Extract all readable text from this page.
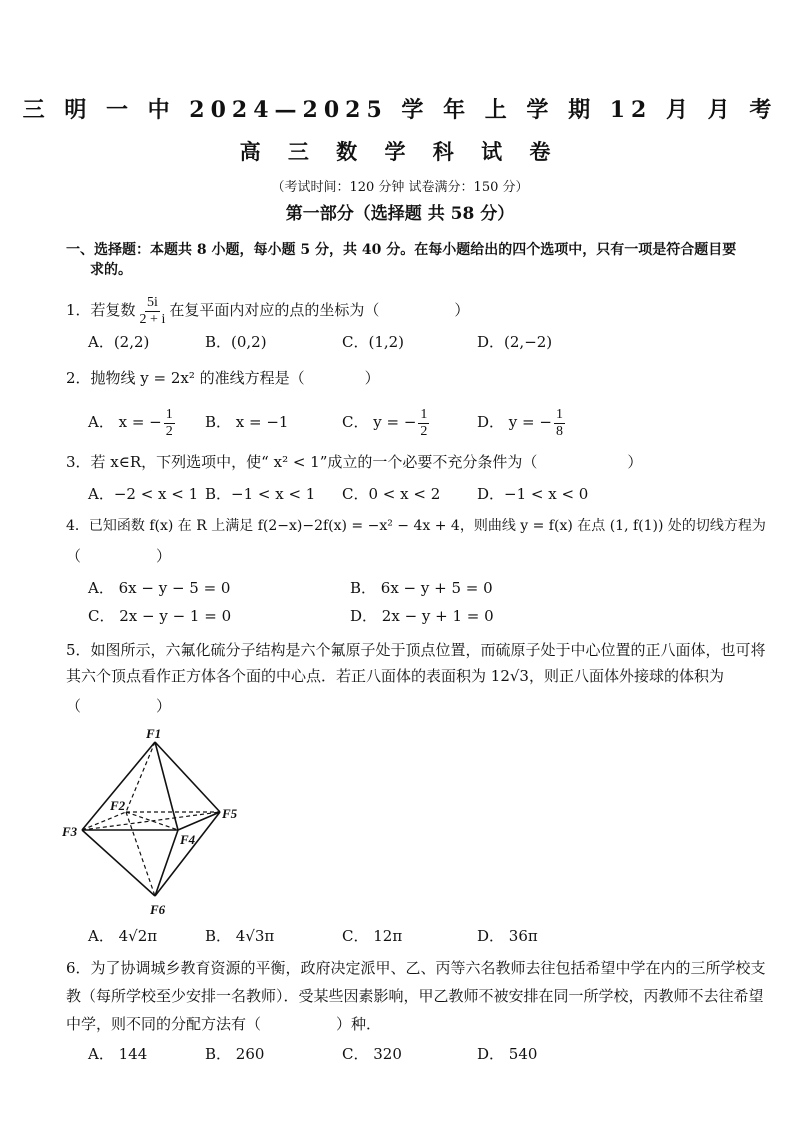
三 明 一 中 2024—2025 学 年 上 学 期 12 月 月 考
高 三 数 学 科 试 卷
（考试时间：120 分钟 试卷满分：150 分）
第一部分（选择题 共 58 分）
一、选择题：本题共 8 小题，每小题 5 分，共 40 分。在每小题给出的四个选项中，只有一项是符合题目要
求的。
1．若复数 $\frac{5i}{2 + i}$ 在复平面内对应的点的坐标为（　　　　　）
A．(2,2)	B．(0,2)	C．(1,2)	D．(2,−2)
2．抛物线 y = 2x² 的准线方程是（　　　　）
A． x = − $\frac{1}{2}$ B． x = −1	C． y = − $\frac{1}{2}$	D． y = − $\frac{1}{8}$
3．若 x∈R，下列选项中，使“ x² < 1”成立的一个必要不充分条件为（　　　　　　）
A．−2 < x < 1 B．−1 < x < 1 C．0 < x < 2 D．−1 < x < 0
4．已知函数 f(x) 在 R 上满足 f(2−x)−2f(x) = −x² − 4x + 4，则曲线 y = f(x) 在点 (1, f(1)) 处的切线方程为
（　　　　　）
A． 6x − y − 5 = 0	B． 6x − y + 5 = 0
C． 2x − y − 1 = 0	D． 2x − y + 1 = 0
5．如图所示，六氟化硫分子结构是六个氟原子处于顶点位置，而硫原子处于中心位置的正八面体，也可将
其六个顶点看作正方体各个面的中心点．若正八面体的表面积为 12√3，则正八面体外接球的体积为
（　　　　　）
F1
F2
F3
F4
F5
F6
A． 4√2π	B． 4√3π	C． 12π	D． 36π
6．为了协调城乡教育资源的平衡，政府决定派甲、乙、丙等六名教师去往包括希望中学在内的三所学校支
教（每所学校至少安排一名教师）．受某些因素影响，甲乙教师不被安排在同一所学校，丙教师不去往希望
中学，则不同的分配方法有（　　　　　）种．
A． 144	B． 260	C． 320	D． 540
